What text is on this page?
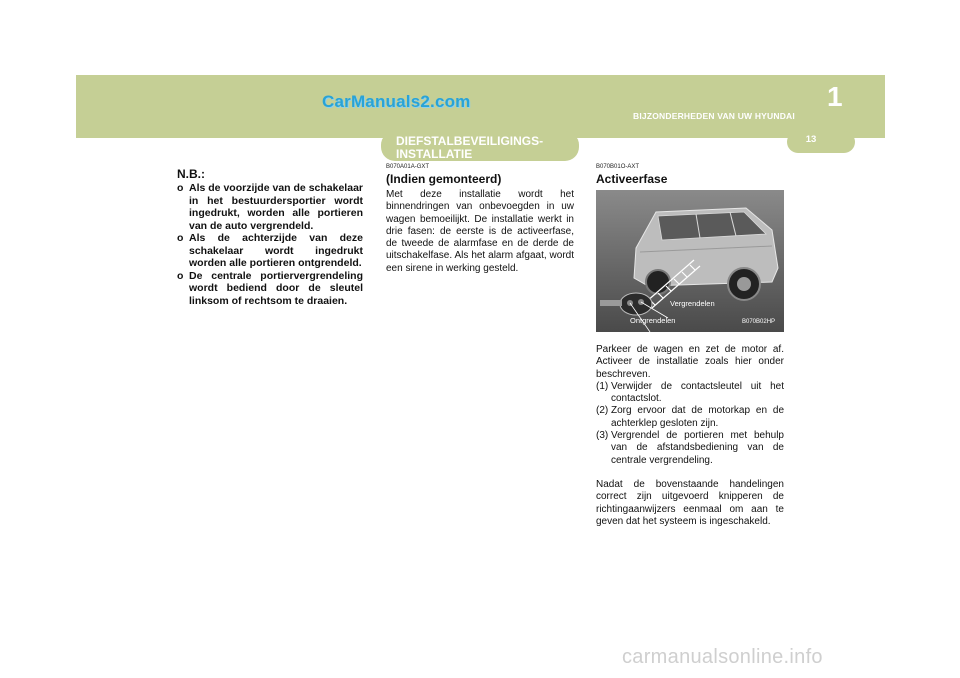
CarManuals2.com	1
BIJZONDERHEDEN VAN UW HYUNDAI
13
DIEFSTALBEVEILIGINGS- INSTALLATIE
N.B.:
o Als de voorzijde van de schakelaar in het bestuurdersportier wordt ingedrukt, worden alle portieren van de auto vergrendeld.
o Als de achterzijde van deze schakelaar wordt ingedrukt worden alle portieren ontgrendeld.
o De centrale portiervergrendeling wordt bediend door de sleutel linksom of rechtsom te draaien.

B070A01A-GXT

(Indien gemonteerd)

Met deze installatie wordt het binnendringen van onbevoegden in uw wagen bemoeilijkt. De installatie werkt in drie fasen: de eerste is de activeerfase, de tweede de alarmfase en de derde de uitschakelfase. Als het alarm afgaat, wordt een sirene in werking gesteld.

B070B01O-AXT

Activeerfase
Vergrendelen
Ontgrendelen	B070B02HP

Parkeer de wagen en zet de motor af. Activeer de installatie zoals hier onder beschreven.

(1) Verwijder de contactsleutel uit het contactslot.
(2) Zorg ervoor dat de motorkap en de achterklep gesloten zijn.
(3) Vergrendel de portieren met behulp van de afstandsbediening van de centrale vergrendeling.

Nadat de bovenstaande handelingen correct zijn uitgevoerd knipperen de richtingaanwijzers eenmaal om aan te geven dat het systeem is ingeschakeld.

carmanualsonline.info
